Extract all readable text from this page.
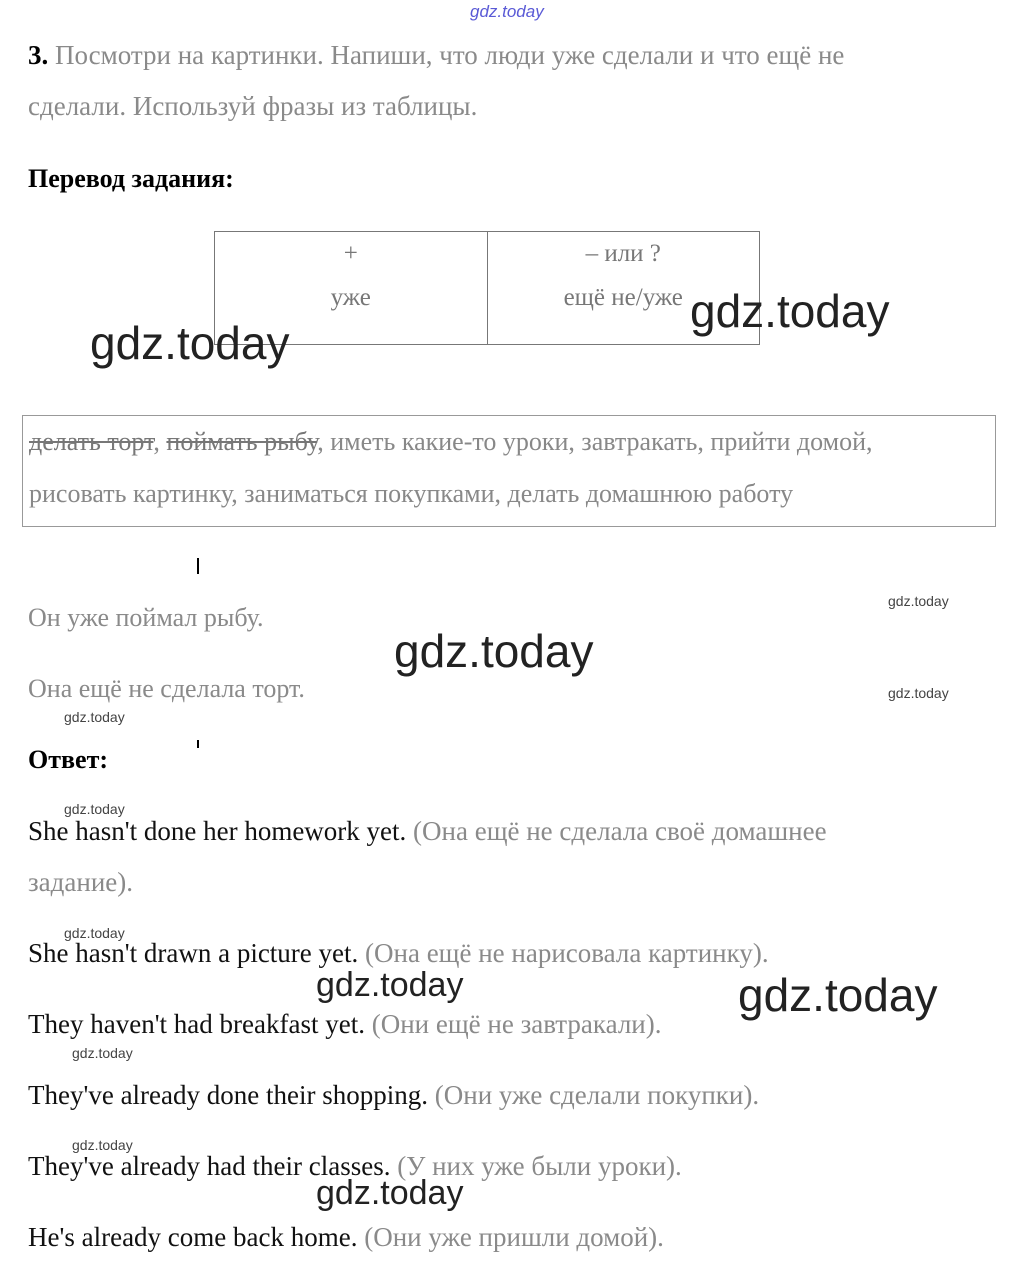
gdz.today
3. Посмотри на картинки. Напиши, что люди уже сделали и что ещё не
сделали. Используй фразы из таблицы.
Перевод задания:
+
уже
– или ?
ещё не/уже
gdz.today
gdz.today
делать торт, поймать рыбу, иметь какие-то уроки, завтракать, прийти домой,
рисовать картинку, заниматься покупками, делать домашнюю работу
Он уже поймал рыбу.
Она ещё не сделала торт.
gdz.today
gdz.today
gdz.today
gdz.today
Ответ:
gdz.today
She hasn't done her homework yet. (Она ещё не сделала своё домашнее
задание).
gdz.today
She hasn't drawn a picture yet. (Она ещё не нарисовала картинку).
gdz.today	gdz.today
They haven't had breakfast yet. (Они ещё не завтракали).
gdz.today
They've already done their shopping. (Они уже сделали покупки).
gdz.today
They've already had their classes. (У них уже были уроки).
gdz.today
He's already come back home. (Они уже пришли домой).
